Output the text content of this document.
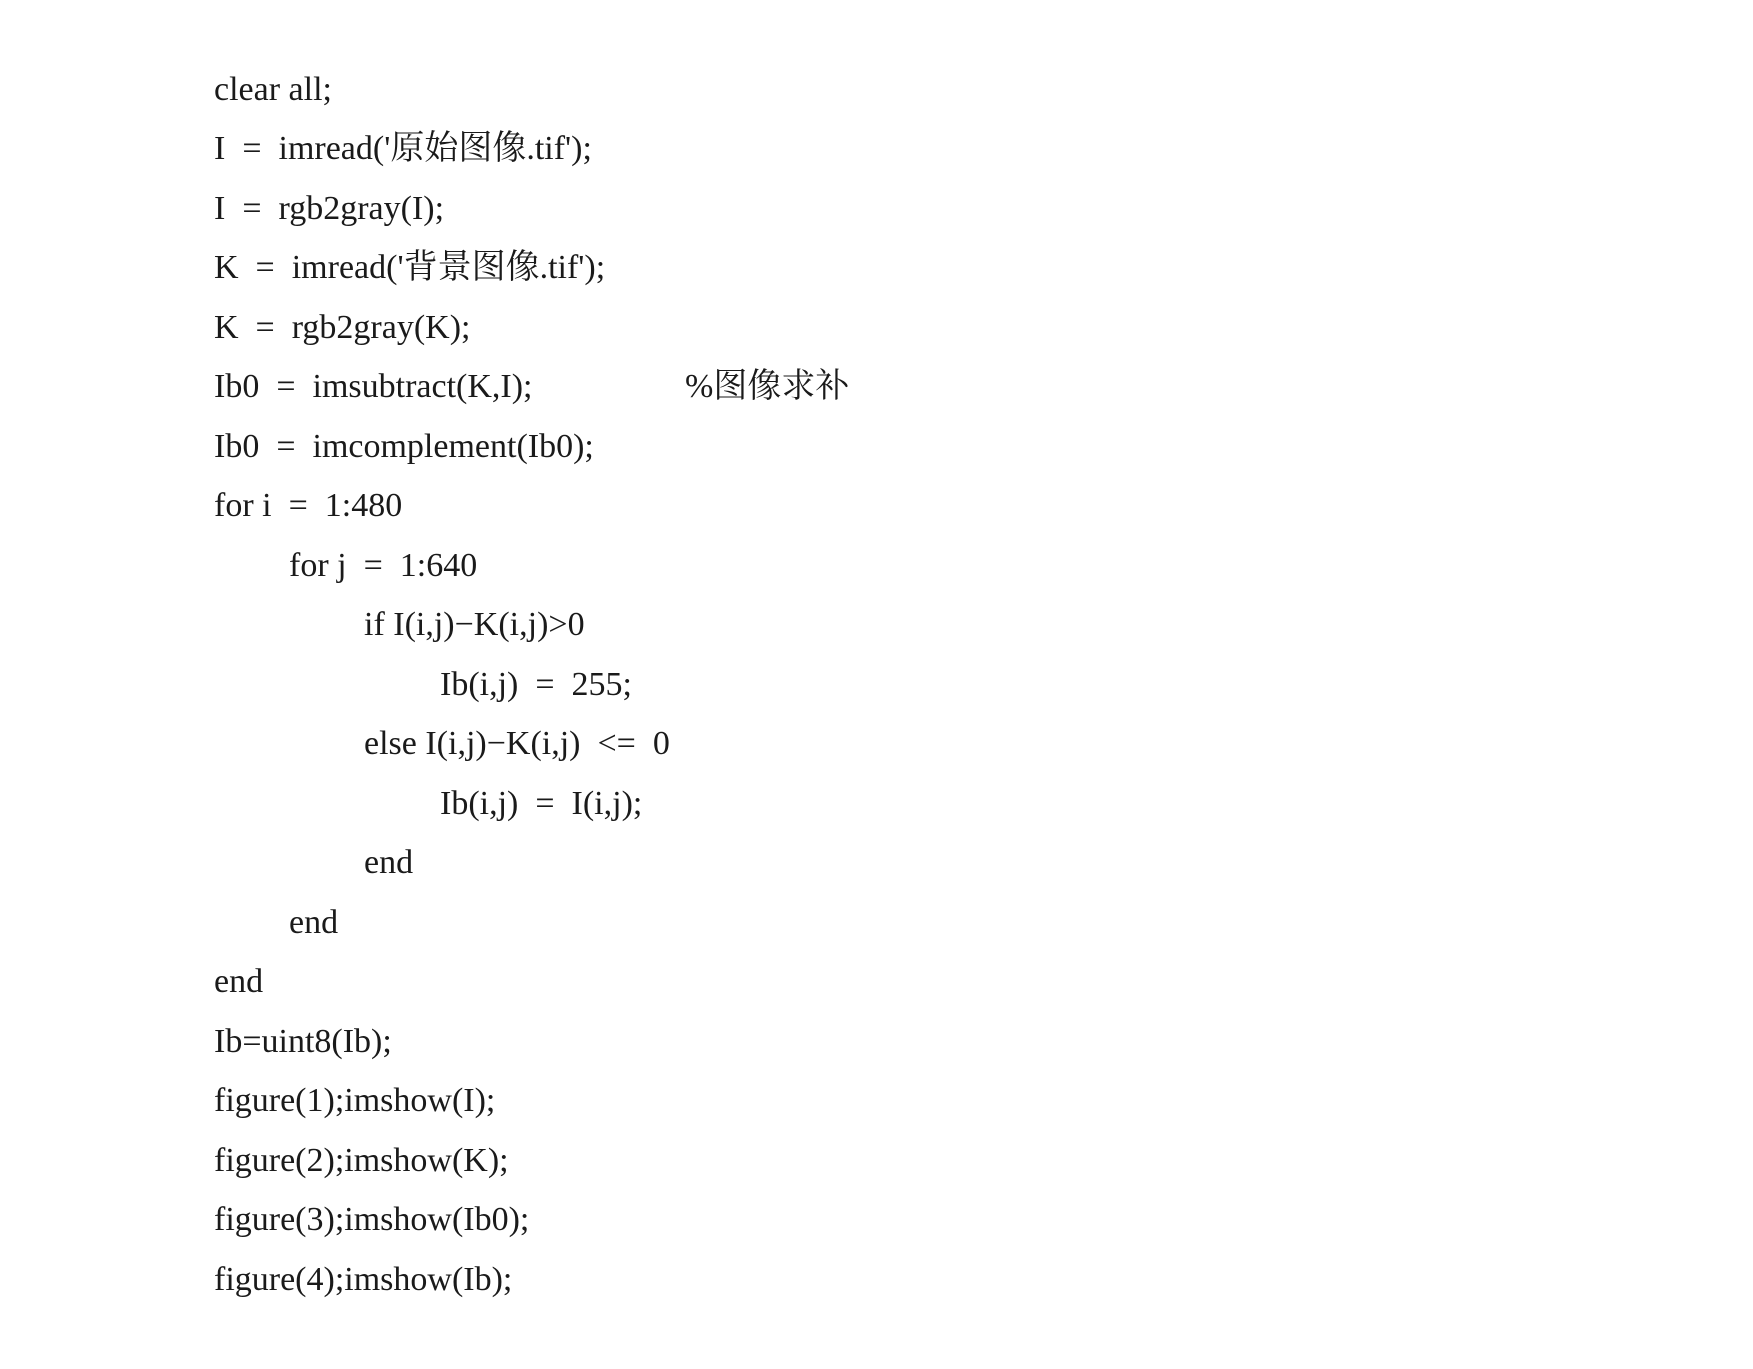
clear all;

I  =  imread('原始图像.tif');

I  =  rgb2gray(I);

K  =  imread('背景图像.tif');

K  =  rgb2gray(K);

Ib0  =  imsubtract(K,I);

Ib0  =  imcomplement(Ib0);

%图像求补

for i  =  1:480

for j  =  1:640

if I(i,j)−K(i,j)>0

Ib(i,j)  =  255;

else I(i,j)−K(i,j)  <=  0

Ib(i,j)  =  I(i,j);

end

end

end

Ib=uint8(Ib);

figure(1);imshow(I);

figure(2);imshow(K);

figure(3);imshow(Ib0);

figure(4);imshow(Ib);
